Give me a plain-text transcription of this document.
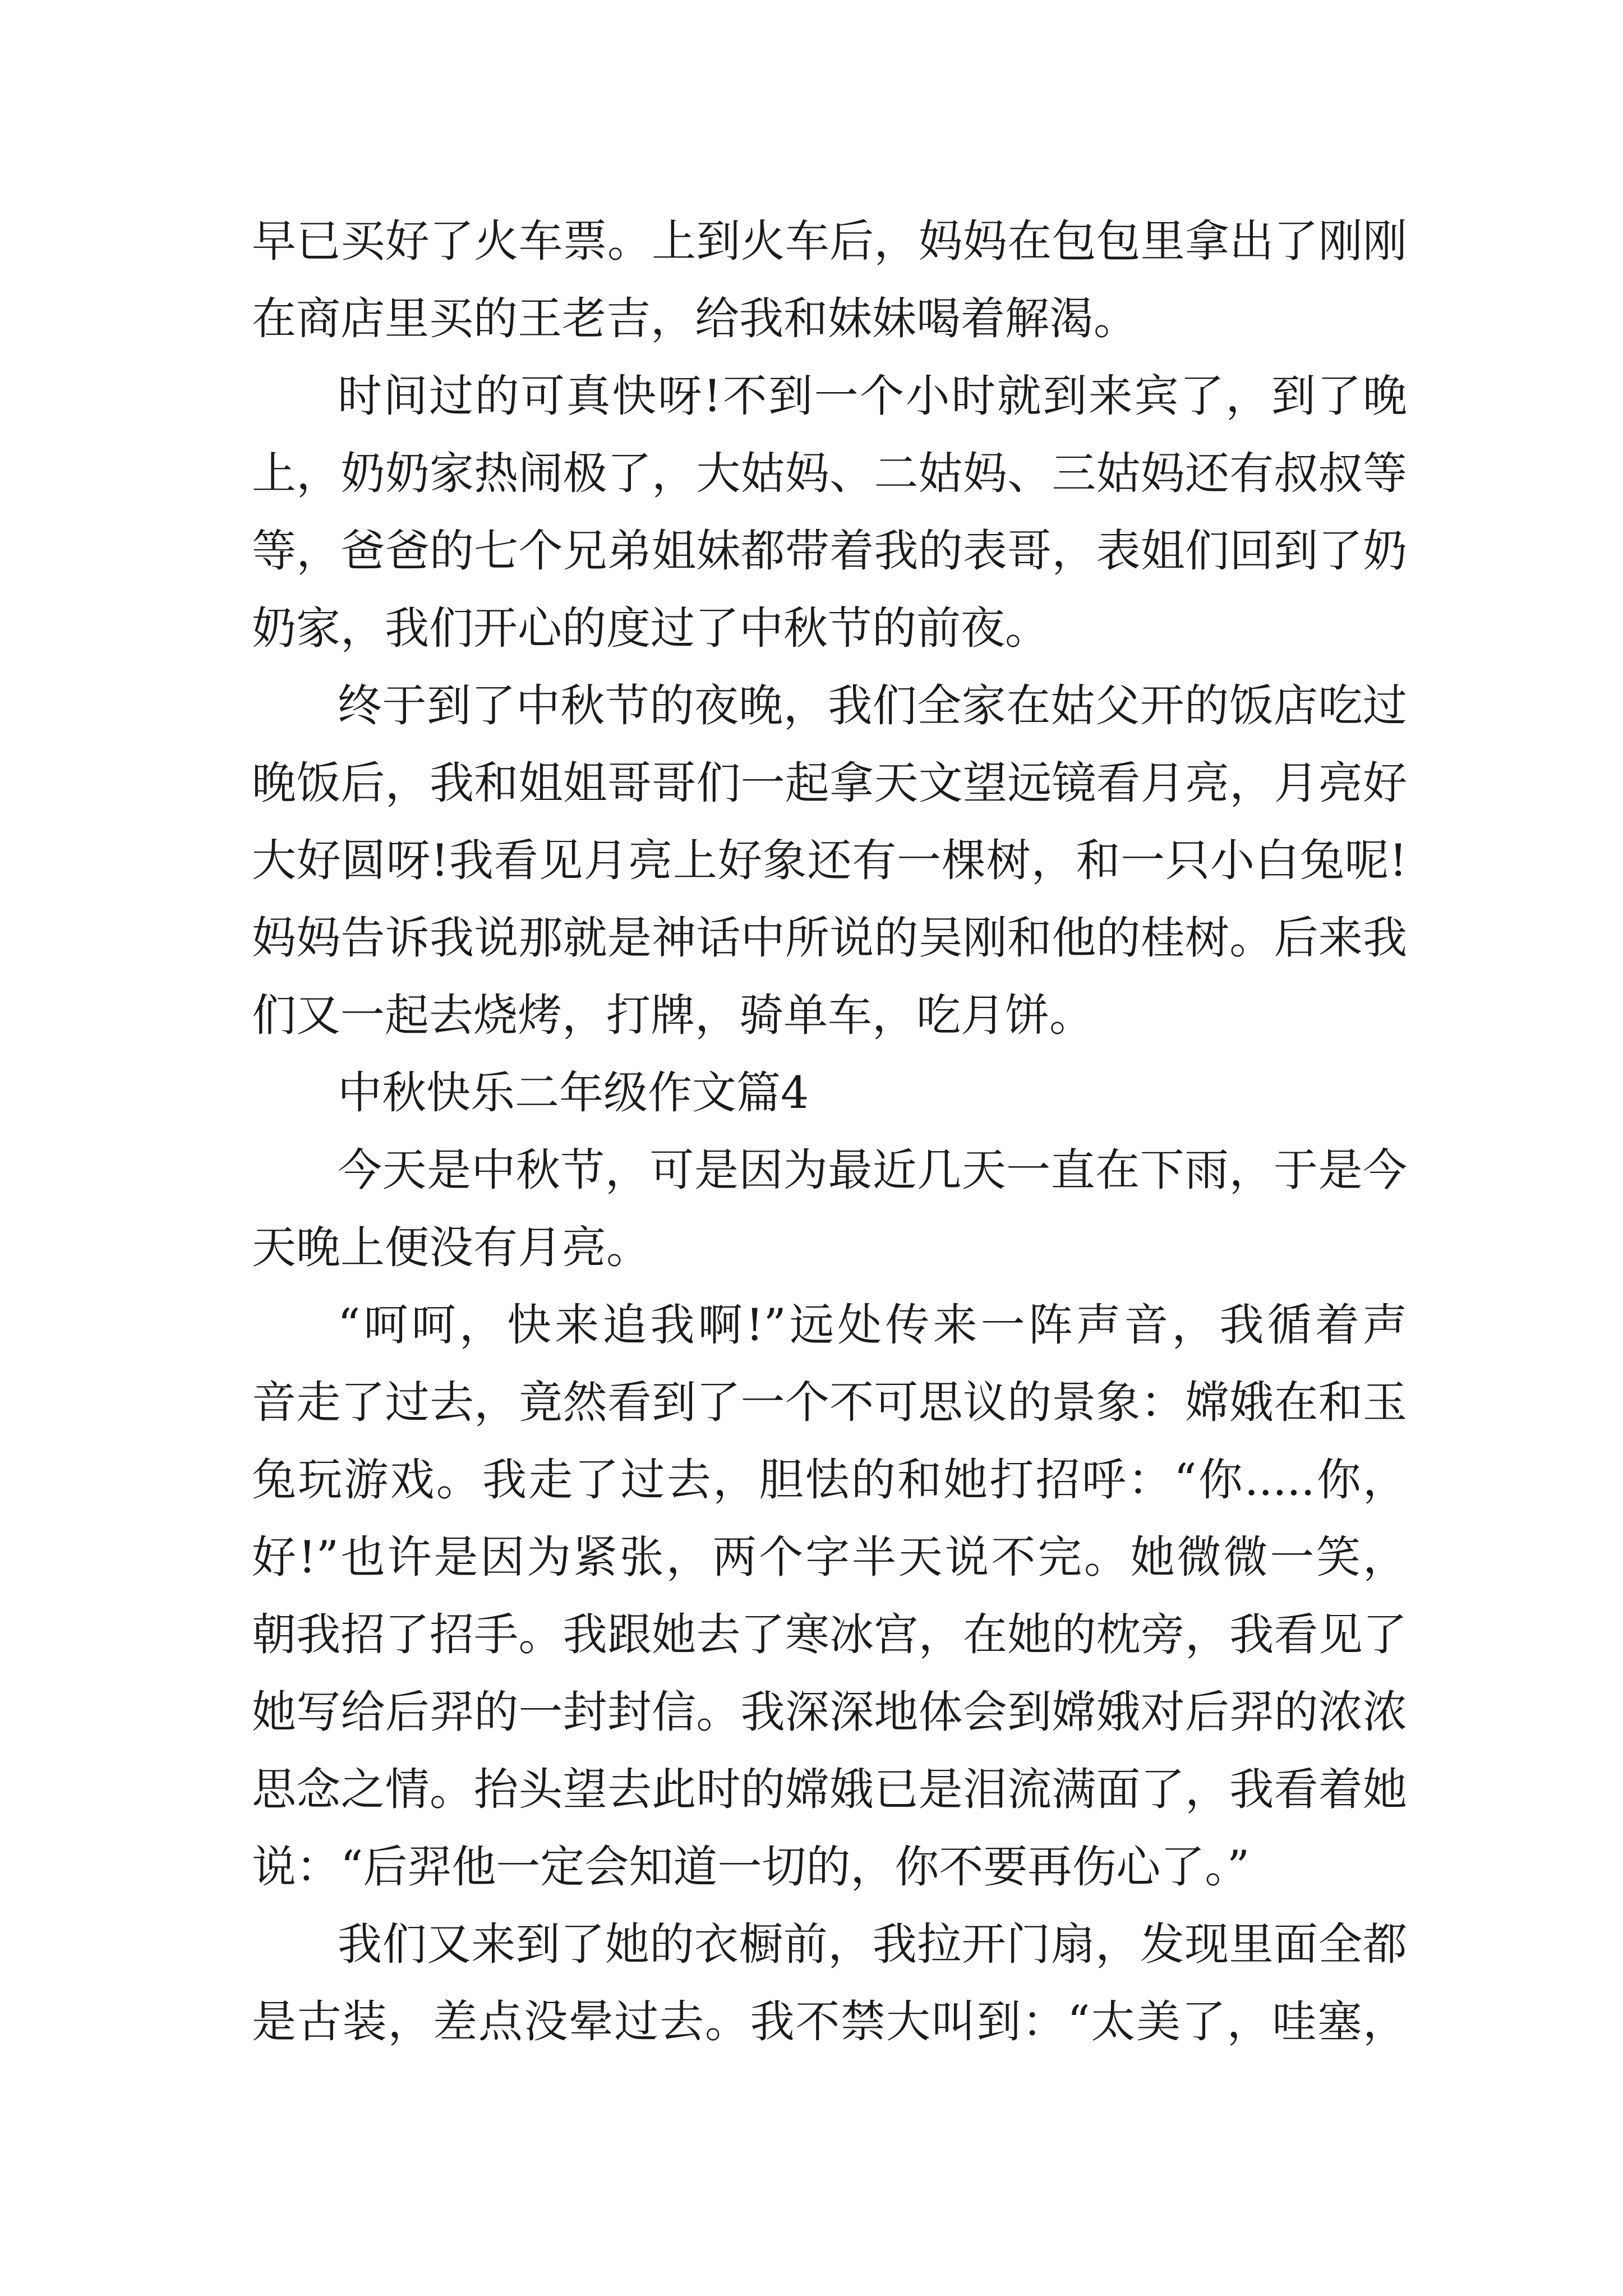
早已买好了火车票。上到火车后，妈妈在包包里拿出了刚刚
在商店里买的王老吉，给我和妹妹喝着解渴。
时间过的可真快呀!不到一个小时就到来宾了，到了晚
上，奶奶家热闹极了，大姑妈、二姑妈、三姑妈还有叔叔等
等，爸爸的七个兄弟姐妹都带着我的表哥，表姐们回到了奶
奶家，我们开心的度过了中秋节的前夜。
终于到了中秋节的夜晚，我们全家在姑父开的饭店吃过
晚饭后，我和姐姐哥哥们一起拿天文望远镜看月亮，月亮好
大好圆呀!我看见月亮上好象还有一棵树，和一只小白兔呢!
妈妈告诉我说那就是神话中所说的吴刚和他的桂树。后来我
们又一起去烧烤，打牌，骑单车，吃月饼。
中秋快乐二年级作文篇4
今天是中秋节，可是因为最近几天一直在下雨，于是今
天晚上便没有月亮。
“呵呵，快来追我啊!”远处传来一阵声音，我循着声
音走了过去，竟然看到了一个不可思议的景象：嫦娥在和玉
兔玩游戏。我走了过去，胆怯的和她打招呼：“你.....你，
好!”也许是因为紧张，两个字半天说不完。她微微一笑，
朝我招了招手。我跟她去了寒冰宫，在她的枕旁，我看见了
她写给后羿的一封封信。我深深地体会到嫦娥对后羿的浓浓
思念之情。抬头望去此时的嫦娥已是泪流满面了，我看着她
说：“后羿他一定会知道一切的，你不要再伤心了。”
我们又来到了她的衣橱前，我拉开门扇，发现里面全都
是古装，差点没晕过去。我不禁大叫到：“太美了，哇塞，
